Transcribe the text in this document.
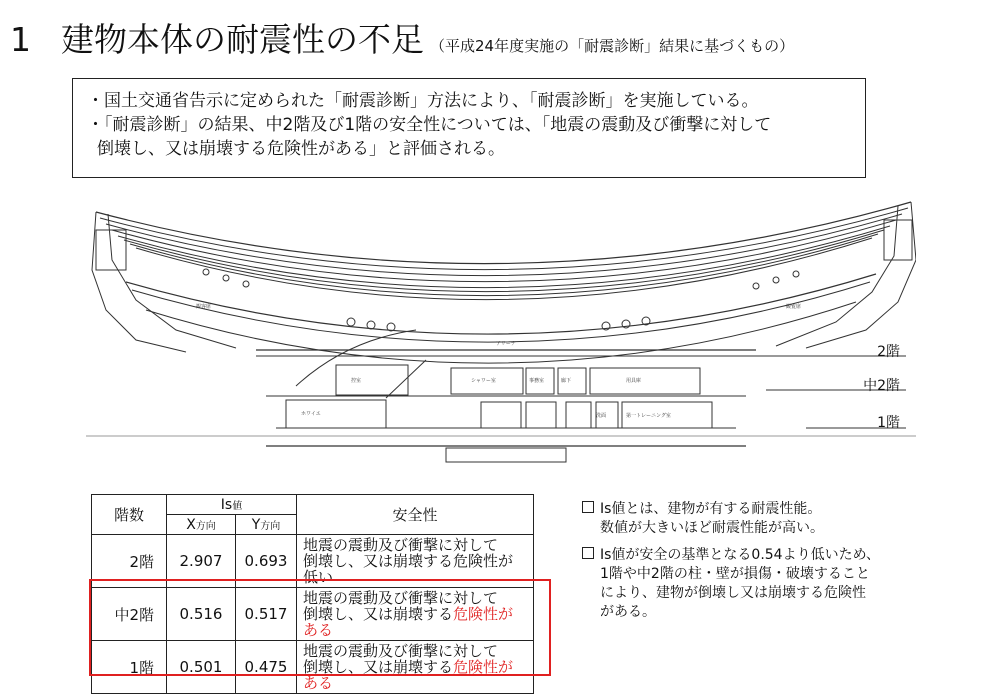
1 建物本体の耐震性の不足 （平成24年度実施の「耐震診断」結果に基づくもの）

・国土交通省告示に定められた「耐震診断」方法により、「耐震診断」を実施している。

・「耐震診断」の結果、中2階及び1階の安全性については、「地震の震動及び衝撃に対して

倒壊し、又は崩壊する危険性がある」と評価される。

観客席	観覧席
アリーナ
ホワイエ
シャワー室
控室	廊下	用具庫
第一トレーニング室
洗面
事務室
2階
中2階
1階
階数	Is値		安全性
	X方向	Y方向	
2階	2.907	0.693	地震の震動及び衝撃に対して
倒壊し、又は崩壊する危険性が低い

中2階	0.516	0.517	地震の震動及び衝撃に対して
倒壊し、又は崩壊する危険性がある

1階	0.501	0.475	地震の震動及び衝撃に対して
倒壊し、又は崩壊する危険性がある
Is値とは、建物が有する耐震性能。
数値が大きいほど耐震性能が高い。
Is値が安全の基準となる0.54より低いため、
1階や中2階の柱・壁が損傷・破壊すること
により、建物が倒壊し又は崩壊する危険性
がある。
